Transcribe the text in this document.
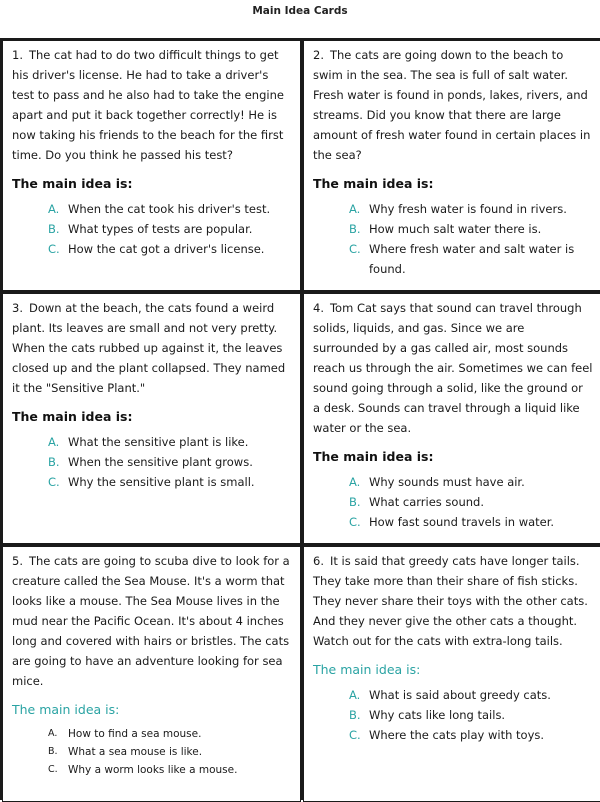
Main Idea Cards

1. The cat had to do two difficult things to get his driver's license. He had to take a driver's test to pass and he also had to take the engine apart and put it back together correctly! He is now taking his friends to the beach for the first time. Do you think he passed his test?

The main idea is:
A. When the cat took his driver's test.
B. What types of tests are popular.
C. How the cat got a driver's license.

2. The cats are going down to the beach to swim in the sea. The sea is full of salt water. Fresh water is found in ponds, lakes, rivers, and streams. Did you know that there are large amount of fresh water found in certain places in the sea?

The main idea is:
A. Why fresh water is found in rivers.
B. How much salt water there is.
C. Where fresh water and salt water is found.

3. Down at the beach, the cats found a weird plant. Its leaves are small and not very pretty. When the cats rubbed up against it, the leaves closed up and the plant collapsed. They named it the "Sensitive Plant."

The main idea is:
A. What the sensitive plant is like.
B. When the sensitive plant grows.
C. Why the sensitive plant is small.

4. Tom Cat says that sound can travel through solids, liquids, and gas. Since we are surrounded by a gas called air, most sounds reach us through the air. Sometimes we can feel sound going through a solid, like the ground or a desk. Sounds can travel through a liquid like water or the sea.

The main idea is:
A. Why sounds must have air.
B. What carries sound.
C. How fast sound travels in water.

5. The cats are going to scuba dive to look for a creature called the Sea Mouse. It's a worm that looks like a mouse. The Sea Mouse lives in the mud near the Pacific Ocean. It's about 4 inches long and covered with hairs or bristles. The cats are going to have an adventure looking for sea mice.

The main idea is:
A.	How to find a sea mouse.
B. What a sea mouse is like.
C. Why a worm looks like a mouse.

6. It is said that greedy cats have longer tails. They take more than their share of fish sticks. They never share their toys with the other cats. And they never give the other cats a thought. Watch out for the cats with extra-long tails.

The main idea is:
A. What is said about greedy cats.
B. Why cats like long tails.
C. Where the cats play with toys.
